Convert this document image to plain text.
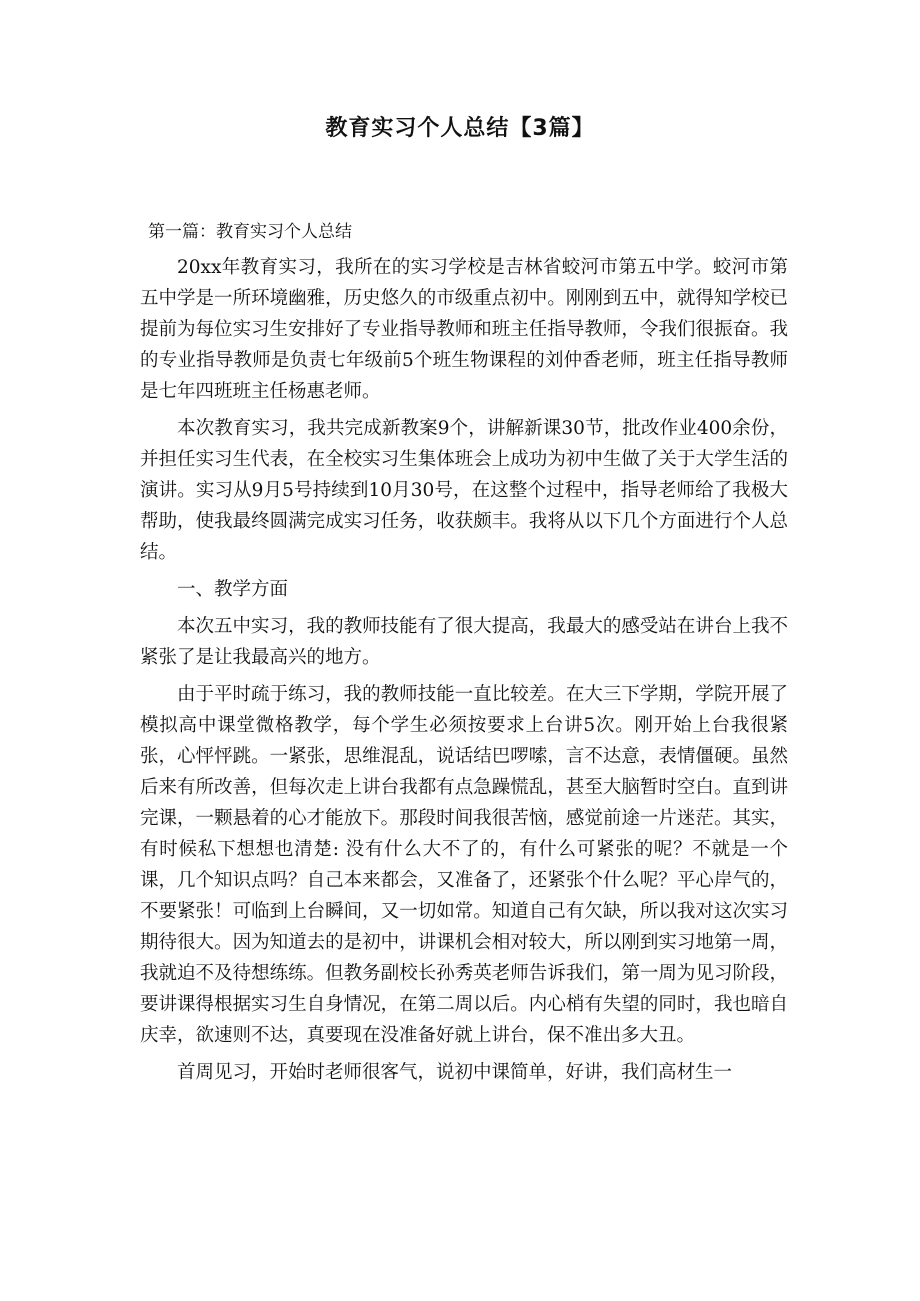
教育实习个人总结【3篇】

第一篇：教育实习个人总结

20xx年教育实习，我所在的实习学校是吉林省蛟河市第五中学。蛟河市第五中学是一所环境幽雅，历史悠久的市级重点初中。刚刚到五中，就得知学校已提前为每位实习生安排好了专业指导教师和班主任指导教师，令我们很振奋。我的专业指导教师是负责七年级前5个班生物课程的刘仲香老师，班主任指导教师是七年四班班主任杨惠老师。

本次教育实习，我共完成新教案9个，讲解新课30节，批改作业400余份，并担任实习生代表，在全校实习生集体班会上成功为初中生做了关于大学生活的演讲。实习从9月5号持续到10月30号，在这整个过程中，指导老师给了我极大帮助，使我最终圆满完成实习任务，收获颇丰。我将从以下几个方面进行个人总结。

一、教学方面

本次五中实习，我的教师技能有了很大提高，我最大的感受站在讲台上我不紧张了是让我最高兴的地方。

由于平时疏于练习，我的教师技能一直比较差。在大三下学期，学院开展了模拟高中课堂微格教学，每个学生必须按要求上台讲5次。刚开始上台我很紧张，心怦怦跳。一紧张，思维混乱，说话结巴啰嗦，言不达意，表情僵硬。虽然后来有所改善，但每次走上讲台我都有点急躁慌乱，甚至大脑暂时空白。直到讲完课，一颗悬着的心才能放下。那段时间我很苦恼，感觉前途一片迷茫。其实，有时候私下想想也清楚: 没有什么大不了的，有什么可紧张的呢？不就是一个课，几个知识点吗？自己本来都会，又准备了，还紧张个什么呢？平心岸气的，不要紧张！可临到上台瞬间，又一切如常。知道自己有欠缺，所以我对这次实习期待很大。因为知道去的是初中，讲课机会相对较大，所以刚到实习地第一周，我就迫不及待想练练。但教务副校长孙秀英老师告诉我们，第一周为见习阶段，要讲课得根据实习生自身情况，在第二周以后。内心梢有失望的同时，我也暗自庆幸，欲速则不达，真要现在没准备好就上讲台，保不准出多大丑。

首周见习，开始时老师很客气，说初中课简单，好讲，我们高材生一
